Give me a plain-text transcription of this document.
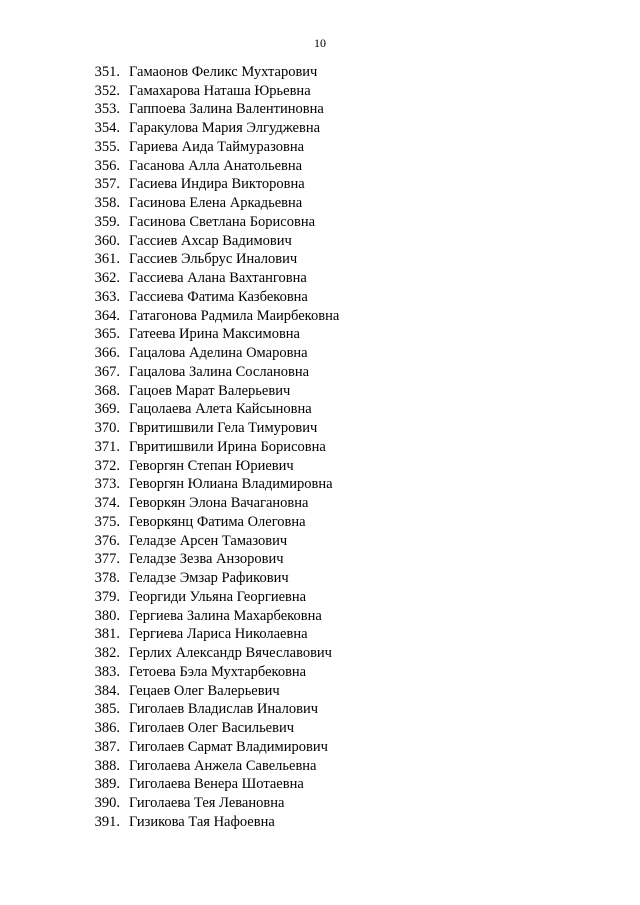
10
351. Гамаонов Феликс Мухтарович
352. Гамахарова Наташа Юрьевна
353. Гаппоева Залина Валентиновна
354. Гаракулова Мария Элгуджевна
355. Гариева Аида Таймуразовна
356. Гасанова Алла Анатольевна
357. Гасиева Индира Викторовна
358. Гасинова Елена Аркадьевна
359. Гасинова Светлана Борисовна
360. Гассиев Ахсар Вадимович
361. Гассиев Эльбрус Иналович
362. Гассиева Алана Вахтанговна
363. Гассиева Фатима Казбековна
364. Гатагонова Радмила Маирбековна
365. Гатеева Ирина Максимовна
366. Гацалова Аделина Омаровна
367. Гацалова Залина Сослановна
368. Гацоев Марат Валерьевич
369. Гацолаева Алета Кайсыновна
370. Гвритишвили Гела Тимурович
371. Гвритишвили Ирина Борисовна
372. Геворгян Степан Юриевич
373. Геворгян Юлиана Владимировна
374. Геворкян Элона Вачагановна
375. Геворкянц Фатима Олеговна
376. Геладзе Арсен Тамазович
377. Геладзе Зезва Анзорович
378. Геладзе Эмзар Рафикович
379. Георгиди Ульяна Георгиевна
380. Гергиева Залина Махарбековна
381. Гергиева Лариса Николаевна
382. Герлих Александр Вячеславович
383. Гетоева Бэла Мухтарбековна
384. Гецаев Олег Валерьевич
385. Гиголаев Владислав Иналович
386. Гиголаев Олег Васильевич
387. Гиголаев Сармат Владимирович
388. Гиголаева Анжела Савельевна
389. Гиголаева Венера Шотаевна
390. Гиголаева Тея Левановна
391. Гизикова Тая Нафоевна
